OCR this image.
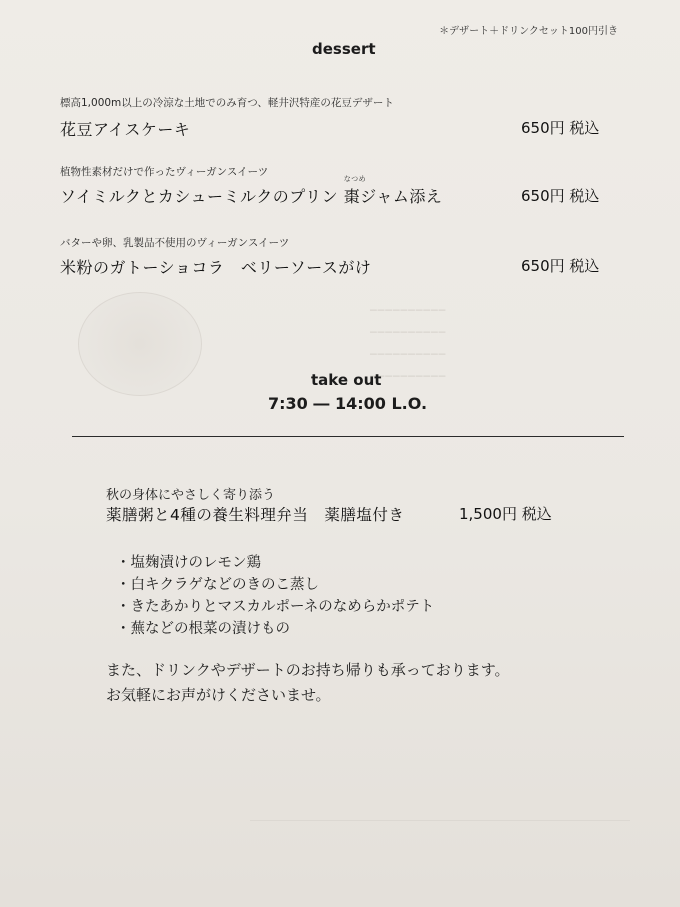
──────────
──────────
──────────
──────────
＊デザート＋ドリンクセット100円引き
dessert
標高1,000m以上の冷涼な土地でのみ育つ、軽井沢特産の花豆デザート
花豆アイスケーキ	650円 税込
植物性素材だけで作ったヴィーガンスイーツ
ソイミルクとカシューミルクのプリン
なつめ
棗ジャム添え	650円 税込
バターや卵、乳製品不使用のヴィーガンスイーツ
米粉のガトーショコラ　ベリーソースがけ	650円 税込
take out
7:30 ― 14:00 L.O.
秋の身体にやさしく寄り添う
薬膳粥と4種の養生料理弁当　薬膳塩付き	1,500円 税込
・塩麹漬けのレモン鶏
・白キクラゲなどのきのこ蒸し
・きたあかりとマスカルポーネのなめらかポテト
・蕪などの根菜の漬けもの
また、ドリンクやデザートのお持ち帰りも承っております。
お気軽にお声がけくださいませ。
